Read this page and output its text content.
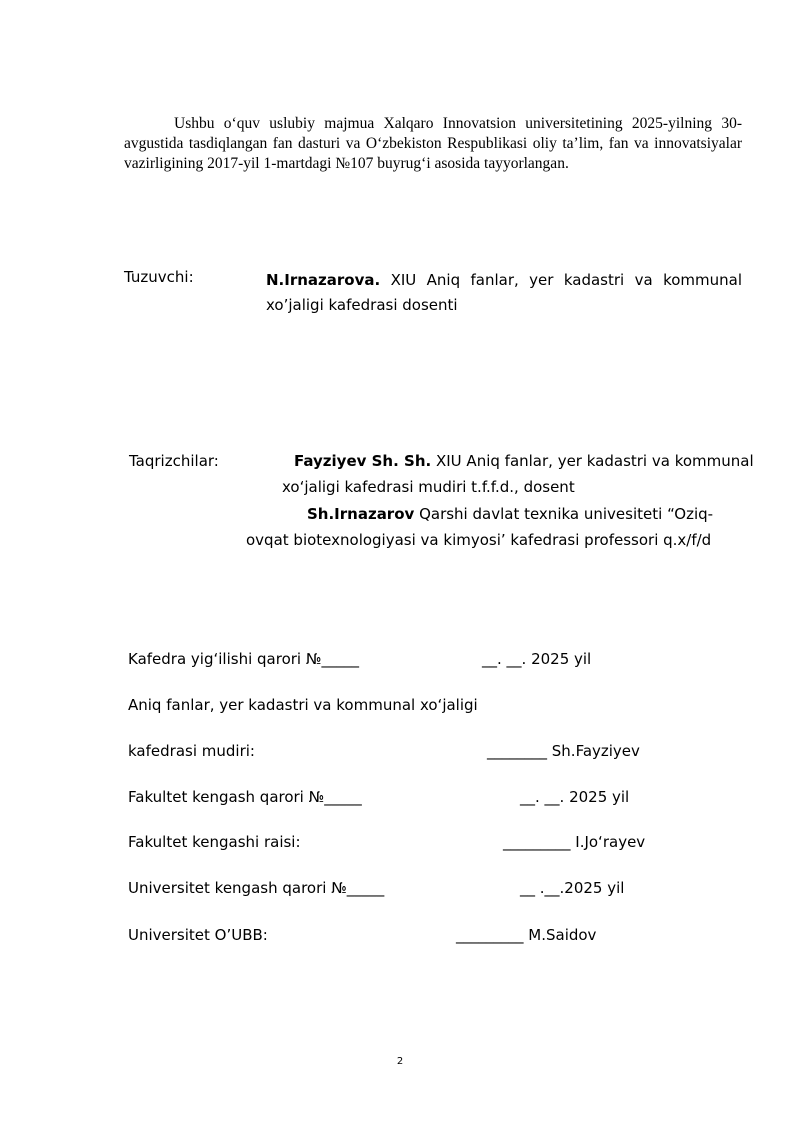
Ushbu o‘quv uslubiy majmua Xalqaro Innovatsion universitetining 2025-yilning 30-avgustida tasdiqlangan fan dasturi va O‘zbekiston Respublikasi oliy ta’lim, fan va innovatsiyalar vazirligining 2017-yil 1-martdagi №107 buyrug‘i asosida tayyorlangan.
Tuzuvchi:	N.Irnazarova. XIU Aniq fanlar, yer kadastri va kommunal xo’jaligi kafedrasi dosenti
Taqrizchilar:	Fayziyev Sh. Sh. XIU Aniq fanlar, yer kadastri va kommunal
xo‘jaligi kafedrasi mudiri t.f.f.d., dosent
Sh.Irnazarov Qarshi davlat texnika univesiteti “Oziq-
ovqat biotexnologiyasi va kimyosi’ kafedrasi professori q.x/f/d
Kafedra yig‘ilishi qarori №_____	__. __. 2025 yil
Aniq fanlar, yer kadastri va kommunal xo‘jaligi
kafedrasi mudiri:	________ Sh.Fayziyev
Fakultet kengash qarori №_____	__. __. 2025 yil
Fakultet kengashi raisi:	_________ I.Jo‘rayev
Universitet kengash qarori №_____	__ .__.2025 yil
Universitet O’UBB:	_________ M.Saidov
2
